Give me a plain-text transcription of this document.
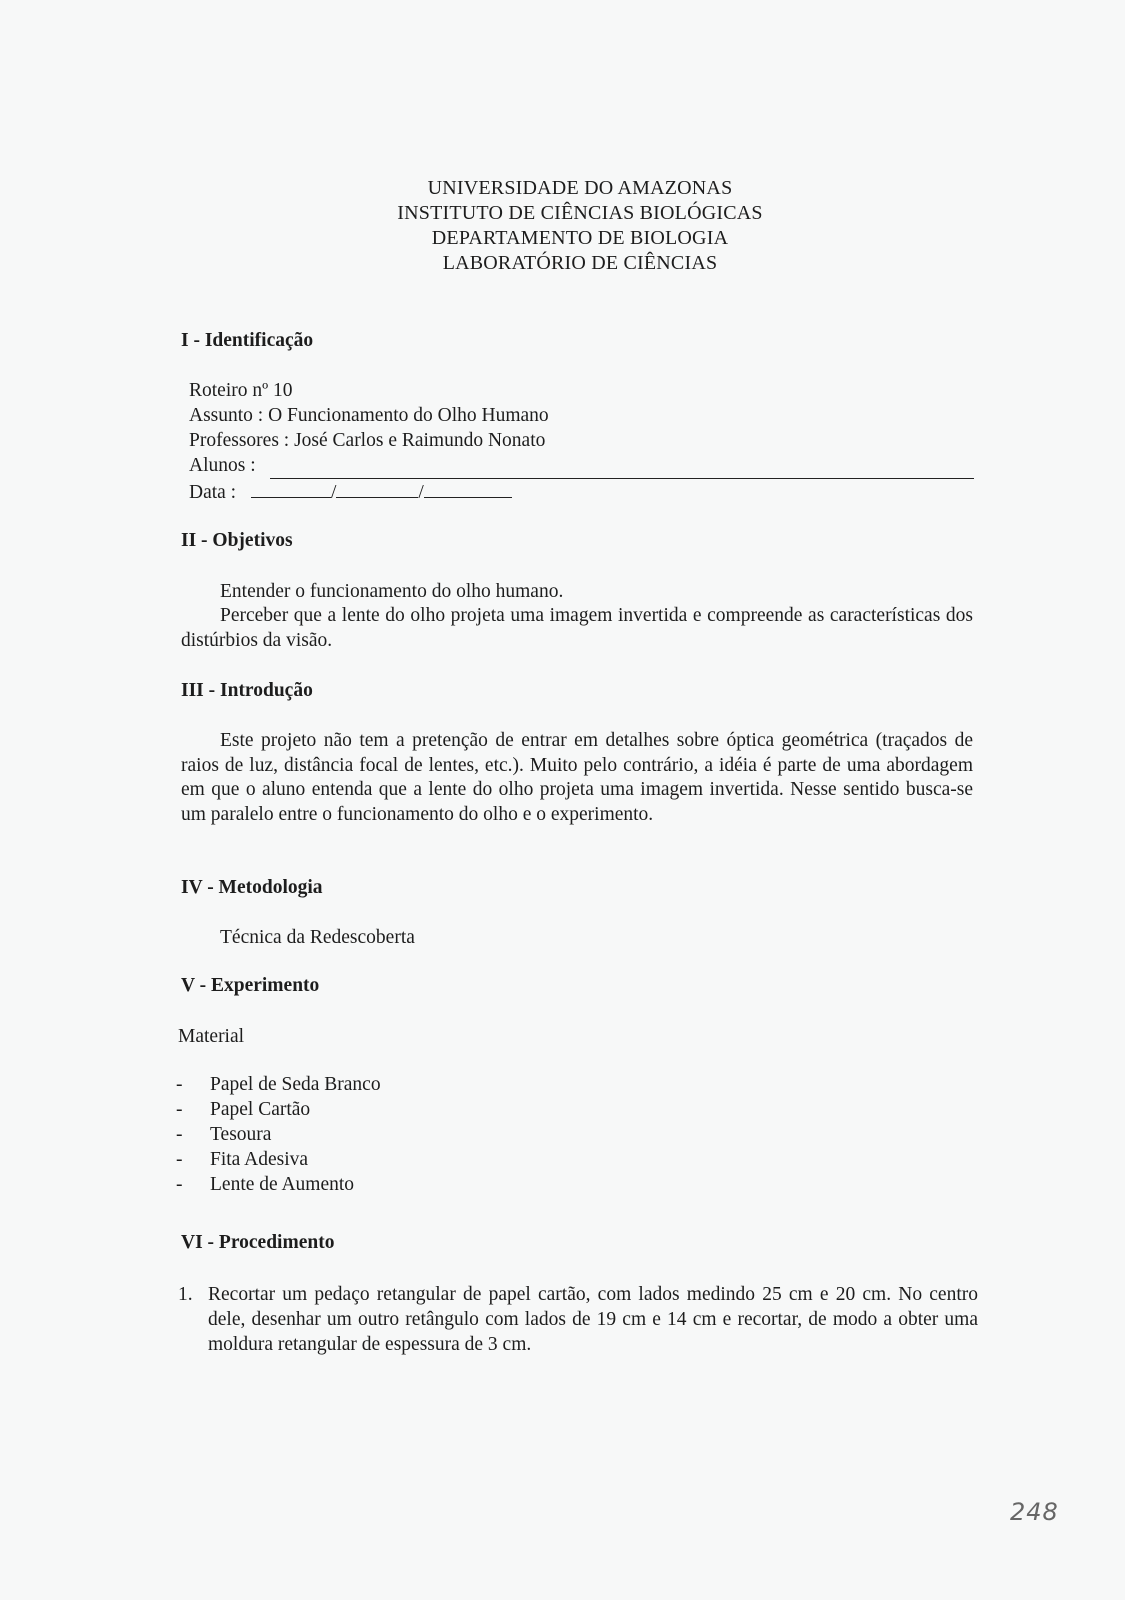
UNIVERSIDADE DO AMAZONAS
INSTITUTO DE CIÊNCIAS BIOLÓGICAS
DEPARTAMENTO DE BIOLOGIA
LABORATÓRIO DE CIÊNCIAS
I - Identificação
Roteiro nº 10
Assunto : O Funcionamento do Olho Humano
Professores : José Carlos e Raimundo Nonato
Alunos :
Data :	/	/
II - Objetivos
Entender o funcionamento do olho humano.
Perceber que a lente do olho projeta uma imagem invertida e compreende as características dos distúrbios da visão.
III - Introdução
Este projeto não tem a pretenção de entrar em detalhes sobre óptica geométrica (traçados de raios de luz, distância focal de lentes, etc.). Muito pelo contrário, a idéia é parte de uma abordagem em que o aluno entenda que a lente do olho projeta uma imagem invertida. Nesse sentido busca-se um paralelo entre o funcionamento do olho e o experimento.
IV - Metodologia
Técnica da Redescoberta
V - Experimento
Material
- Papel de Seda Branco
- Papel Cartão
- Tesoura
- Fita Adesiva
- Lente de Aumento
VI - Procedimento
1. Recortar um pedaço retangular de papel cartão, com lados medindo 25 cm e 20 cm. No centro dele, desenhar um outro retângulo com lados de 19 cm e 14 cm e recortar, de modo a obter uma moldura retangular de espessura de 3 cm.
248
